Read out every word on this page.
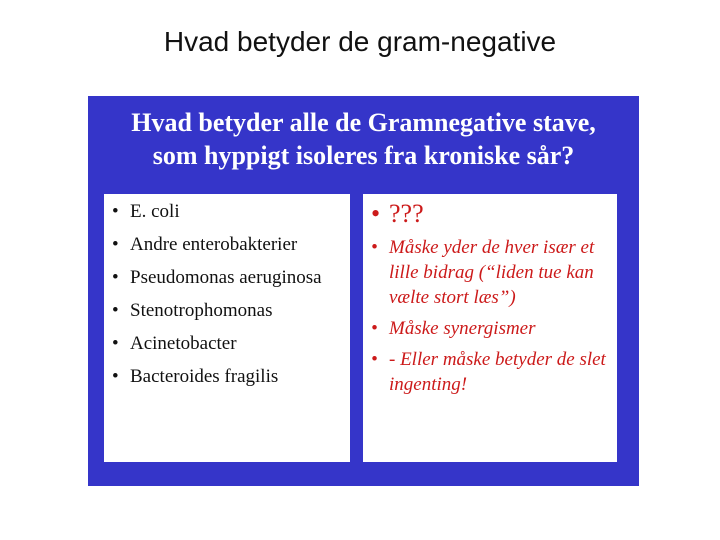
Hvad betyder de gram-negative
Hvad betyder alle de Gramnegative stave,
som hyppigt isoleres fra kroniske sår?
• E. coli
• Andre enterobakterier
• Pseudomonas aeruginosa
• Stenotrophomonas
• Acinetobacter
• Bacteroides fragilis
• ???
• Måske yder de hver især et lille bidrag (“liden tue kan vælte stort læs”)
• Måske synergismer
• - Eller måske betyder de slet ingenting!
